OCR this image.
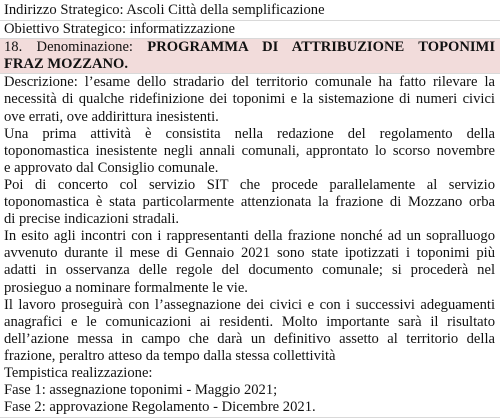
Indirizzo Strategico: Ascoli Città della semplificazione
Obiettivo Strategico: informatizzazione
18. Denominazione: PROGRAMMA DI ATTRIBUZIONE TOPONIMI
FRAZ MOZZANO.
Descrizione: l’esame dello stradario del territorio comunale ha fatto rilevare la
necessità di qualche ridefinizione dei toponimi e la sistemazione di numeri civici
ove errati, ove addirittura inesistenti.
Una prima attività è consistita nella redazione del regolamento della
toponomastica inesistente negli annali comunali, approntato lo scorso novembre
e approvato dal Consiglio comunale.
Poi di concerto col servizio SIT che procede parallelamente al servizio
toponomastica è stata particolarmente attenzionata la frazione di Mozzano orba
di precise indicazioni stradali.
In esito agli incontri con i rappresentanti della frazione nonché ad un sopralluogo
avvenuto durante il mese di Gennaio 2021 sono state ipotizzati i toponimi più
adatti in osservanza delle regole del documento comunale; si procederà nel
prosieguo a nominare formalmente le vie.
Il lavoro proseguirà con l’assegnazione dei civici e con i successivi adeguamenti
anagrafici e le comunicazioni ai residenti. Molto importante sarà il risultato
dell’azione messa in campo che darà un definitivo assetto al territorio della
frazione, peraltro atteso da tempo dalla stessa collettività
Tempistica realizzazione:
Fase 1: assegnazione toponimi - Maggio 2021;
Fase 2: approvazione Regolamento - Dicembre 2021.
